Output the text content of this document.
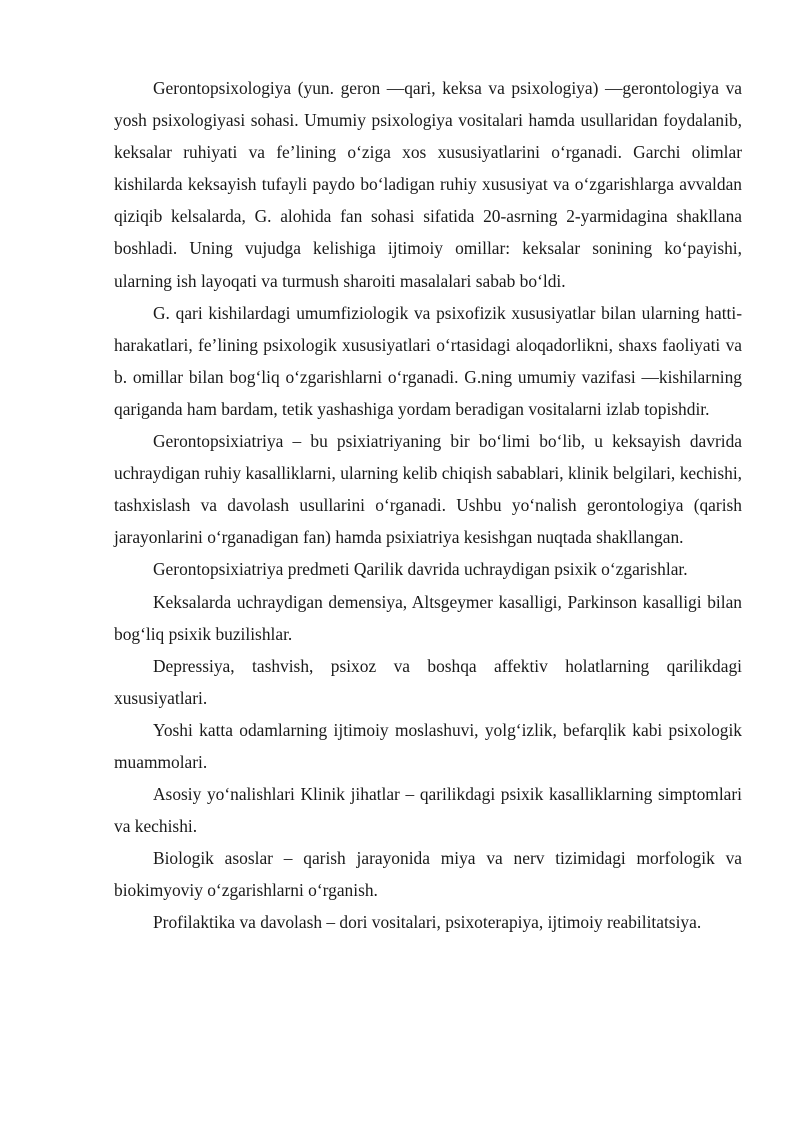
Gerontopsixologiya (yun. geron —qari, keksa va psixologiya) —gerontologiya va yosh psixologiyasi sohasi. Umumiy psixologiya vositalari hamda usullaridan foydalanib, keksalar ruhiyati va fe’lining o‘ziga xos xususiyatlarini o‘rganadi. Garchi olimlar kishilarda keksayish tufayli paydo bo‘ladigan ruhiy xususiyat va o‘zgarishlarga avvaldan qiziqib kelsalarda, G. alohida fan sohasi sifatida 20-asrning 2-yarmidagina shakllana boshladi. Uning vujudga kelishiga ijtimoiy omillar: keksalar sonining ko‘payishi, ularning ish layoqati va turmush sharoiti masalalari sabab bo‘ldi.

G. qari kishilardagi umumfiziologik va psixofizik xususiyatlar bilan ularning hatti-harakatlari, fe’lining psixologik xususiyatlari o‘rtasidagi aloqadorlikni, shaxs faoliyati va b. omillar bilan bog‘liq o‘zgarishlarni o‘rganadi. G.ning umumiy vazifasi —kishilarning qariganda ham bardam, tetik yashashiga yordam beradigan vositalarni izlab topishdir.

Gerontopsixiatriya – bu psixiatriyaning bir bo‘limi bo‘lib, u keksayish davrida uchraydigan ruhiy kasalliklarni, ularning kelib chiqish sabablari, klinik belgilari, kechishi, tashxislash va davolash usullarini o‘rganadi. Ushbu yo‘nalish gerontologiya (qarish jarayonlarini o‘rganadigan fan) hamda psixiatriya kesishgan nuqtada shakllangan.

Gerontopsixiatriya predmeti Qarilik davrida uchraydigan psixik o‘zgarishlar.

Keksalarda uchraydigan demensiya, Altsgeymer kasalligi, Parkinson kasalligi bilan bog‘liq psixik buzilishlar.

Depressiya, tashvish, psixoz va boshqa affektiv holatlarning qarilikdagi xususiyatlari.

Yoshi katta odamlarning ijtimoiy moslashuvi, yolg‘izlik, befarqlik kabi psixologik muammolari.

Asosiy yo‘nalishlari Klinik jihatlar – qarilikdagi psixik kasalliklarning simptomlari va kechishi.

Biologik asoslar – qarish jarayonida miya va nerv tizimidagi morfologik va biokimyoviy o‘zgarishlarni o‘rganish.

Profilaktika va davolash – dori vositalari, psixoterapiya, ijtimoiy reabilitatsiya.
